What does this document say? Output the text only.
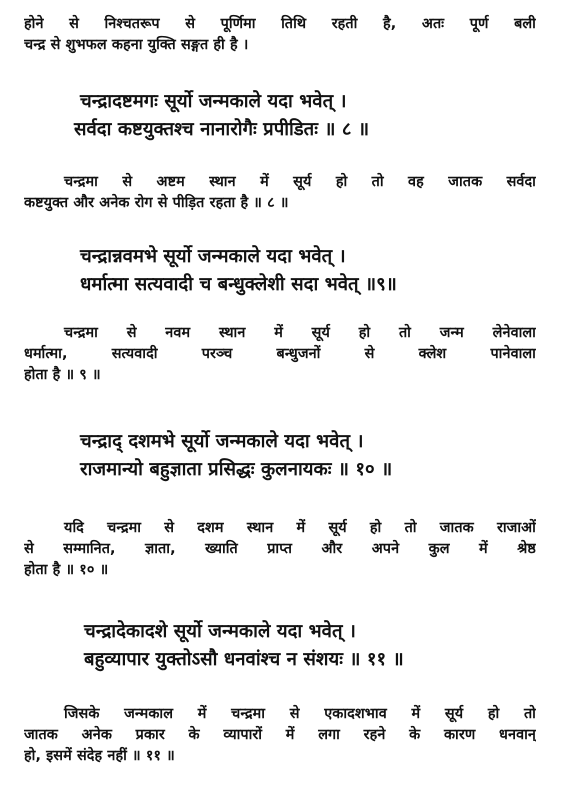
होने से निश्चतरूप से पूर्णिमा तिथि रहती है, अतः पूर्ण बली
चन्द्र से शुभफल कहना युक्ति सङ्गत ही है ।
चन्द्रादष्टमगः सूर्यो जन्मकाले यदा भवेत् ।
सर्वदा कष्टयुक्तश्च नानारोगैः प्रपीडितः ॥ ८ ॥
चन्द्रमा से अष्टम स्थान में सूर्य हो तो वह जातक सर्वदा
कष्टयुक्त और अनेक रोग से पीड़ित रहता है ॥ ८ ॥
चन्द्रान्नवमभे सूर्यो जन्मकाले यदा भवेत् ।
धर्मात्मा सत्यवादी च बन्धुक्लेशी सदा भवेत् ॥९॥
चन्द्रमा से नवम स्थान में सूर्य हो तो जन्म लेनेवाला
धर्मात्मा, सत्यवादी परञ्च बन्धुजनों से क्लेश पानेवाला
होता है ॥ ९ ॥
चन्द्राद् दशमभे सूर्यो जन्मकाले यदा भवेत् ।
राजमान्यो बहुज्ञाता प्रसिद्धः कुलनायकः ॥ १० ॥
यदि चन्द्रमा से दशम स्थान में सूर्य हो तो जातक राजाओं
से सम्मानित, ज्ञाता, ख्याति प्राप्त और अपने कुल में श्रेष्ठ
होता है ॥ १० ॥
चन्द्रादेकादशे सूर्यो जन्मकाले यदा भवेत् ।
बहुव्यापार युक्तोऽसौ धनवांश्च न संशयः ॥ ११ ॥
जिसके जन्मकाल में चन्द्रमा से एकादशभाव में सूर्य हो तो
जातक अनेक प्रकार के व्यापारों में लगा रहने के कारण धनवान्
हो, इसमें संदेह नहीं ॥ ११ ॥
